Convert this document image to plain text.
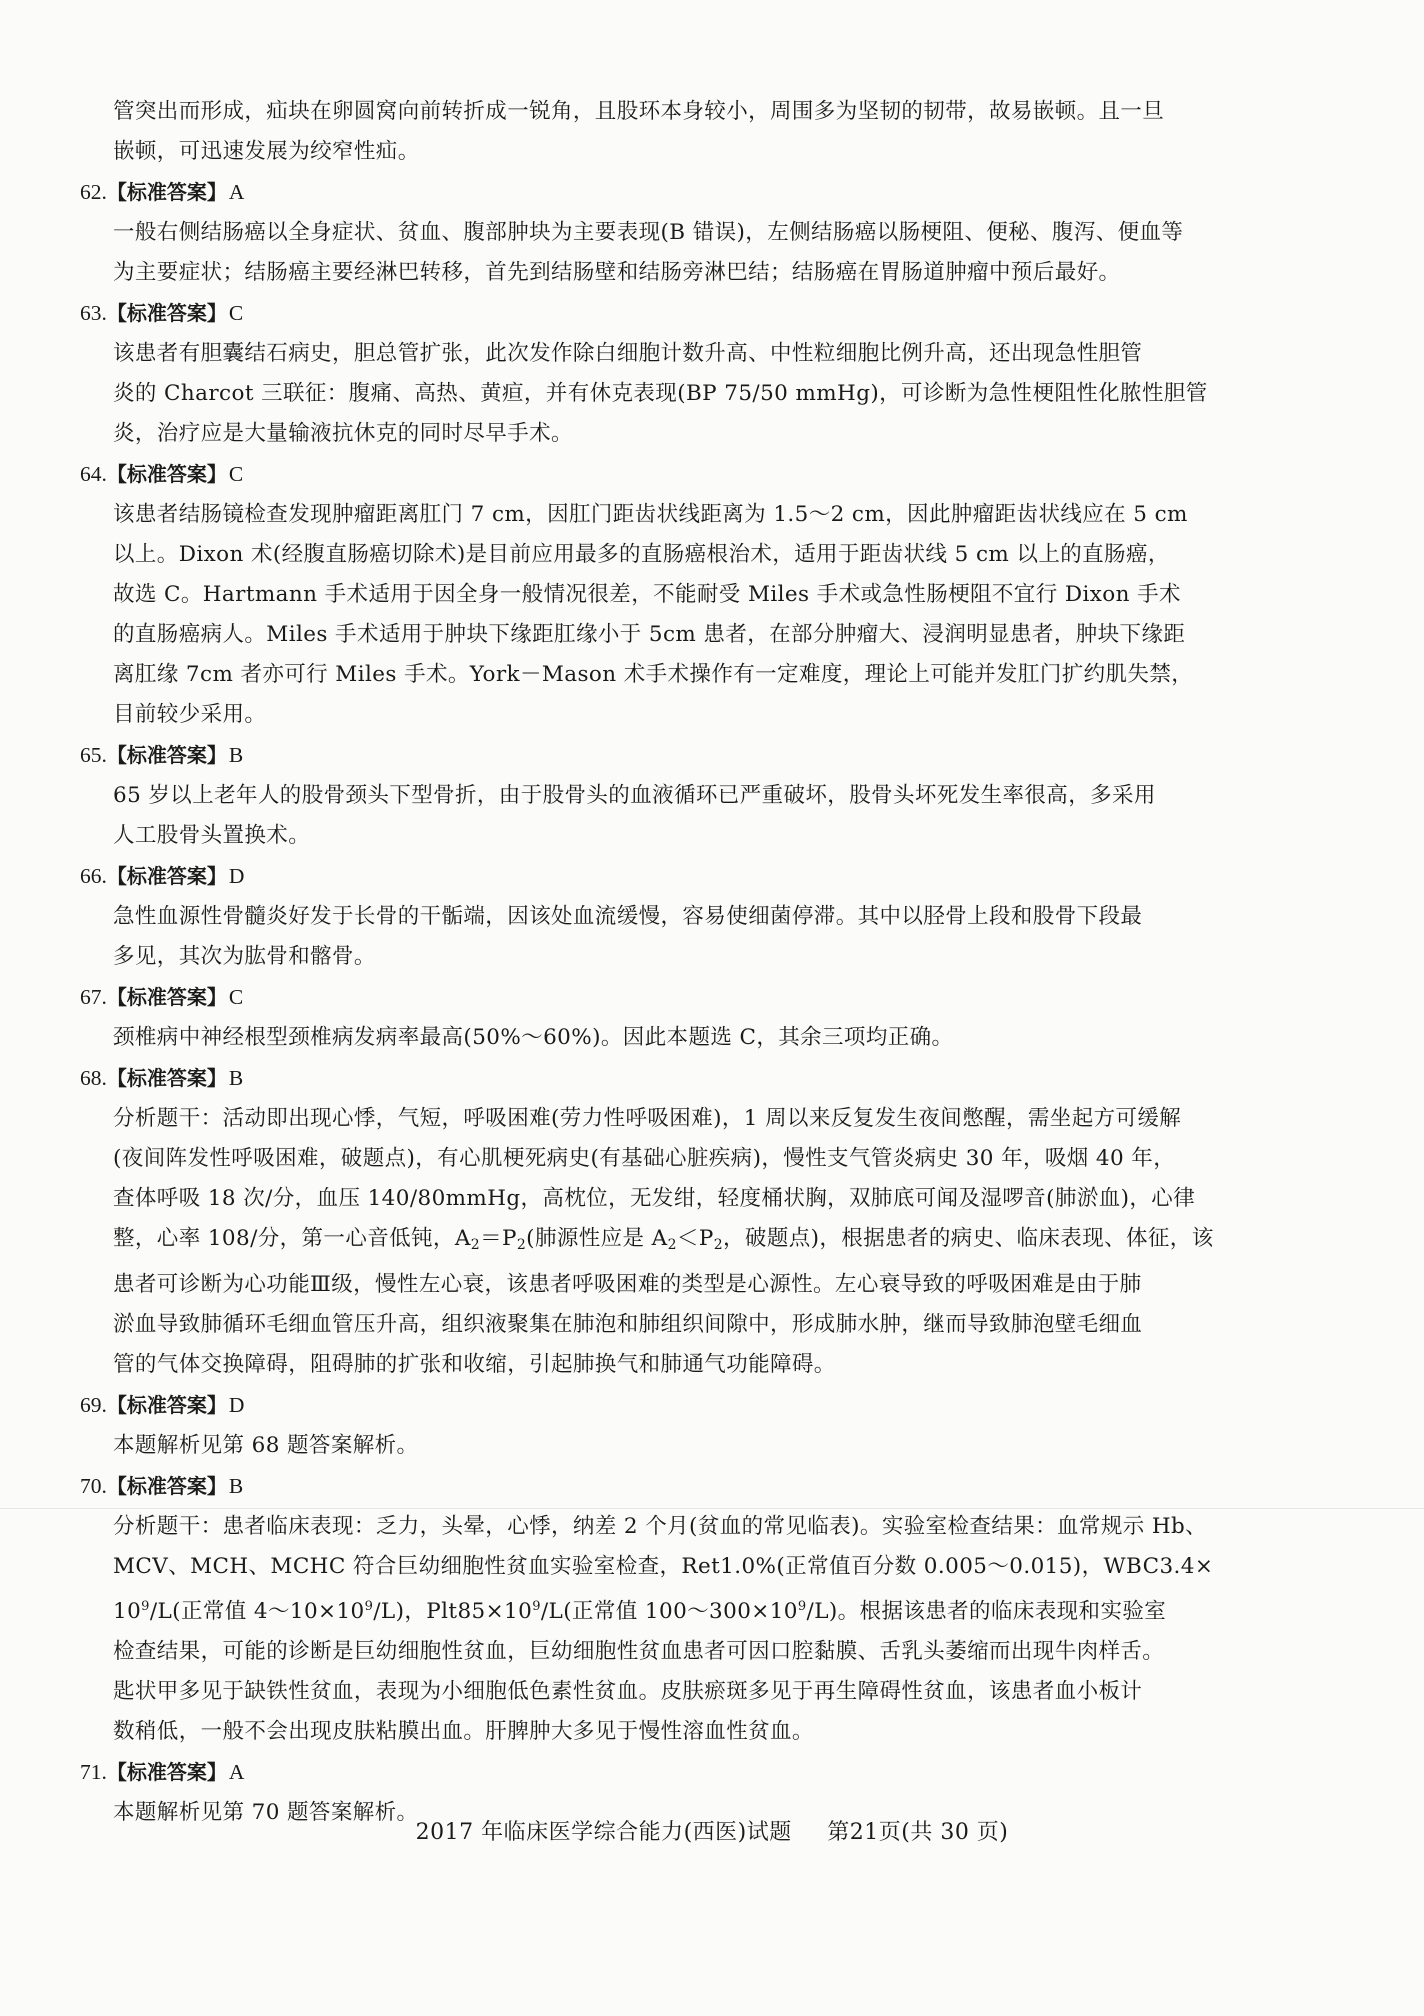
管突出而形成，疝块在卵圆窝向前转折成一锐角，且股环本身较小，周围多为坚韧的韧带，故易嵌顿。且一旦
嵌顿，可迅速发展为绞窄性疝。
62.【标准答案】A
一般右侧结肠癌以全身症状、贫血、腹部肿块为主要表现(B 错误)，左侧结肠癌以肠梗阻、便秘、腹泻、便血等
为主要症状；结肠癌主要经淋巴转移，首先到结肠壁和结肠旁淋巴结；结肠癌在胃肠道肿瘤中预后最好。
63.【标准答案】C
该患者有胆囊结石病史，胆总管扩张，此次发作除白细胞计数升高、中性粒细胞比例升高，还出现急性胆管
炎的 Charcot 三联征：腹痛、高热、黄疸，并有休克表现(BP 75/50 mmHg)，可诊断为急性梗阻性化脓性胆管
炎，治疗应是大量输液抗休克的同时尽早手术。
64.【标准答案】C
该患者结肠镜检查发现肿瘤距离肛门 7 cm，因肛门距齿状线距离为 1.5～2 cm，因此肿瘤距齿状线应在 5 cm
以上。Dixon 术(经腹直肠癌切除术)是目前应用最多的直肠癌根治术，适用于距齿状线 5 cm 以上的直肠癌，
故选 C。Hartmann 手术适用于因全身一般情况很差，不能耐受 Miles 手术或急性肠梗阻不宜行 Dixon 手术
的直肠癌病人。Miles 手术适用于肿块下缘距肛缘小于 5cm 患者，在部分肿瘤大、浸润明显患者，肿块下缘距
离肛缘 7cm 者亦可行 Miles 手术。York－Mason 术手术操作有一定难度，理论上可能并发肛门扩约肌失禁，
目前较少采用。
65.【标准答案】B
65 岁以上老年人的股骨颈头下型骨折，由于股骨头的血液循环已严重破坏，股骨头坏死发生率很高，多采用
人工股骨头置换术。
66.【标准答案】D
急性血源性骨髓炎好发于长骨的干骺端，因该处血流缓慢，容易使细菌停滞。其中以胫骨上段和股骨下段最
多见，其次为肱骨和髂骨。
67.【标准答案】C
颈椎病中神经根型颈椎病发病率最高(50%～60%)。因此本题选 C，其余三项均正确。
68.【标准答案】B
分析题干：活动即出现心悸，气短，呼吸困难(劳力性呼吸困难)，1 周以来反复发生夜间憋醒，需坐起方可缓解
(夜间阵发性呼吸困难，破题点)，有心肌梗死病史(有基础心脏疾病)，慢性支气管炎病史 30 年，吸烟 40 年，
查体呼吸 18 次/分，血压 140/80mmHg，高枕位，无发绀，轻度桶状胸，双肺底可闻及湿啰音(肺淤血)，心律
整，心率 108/分，第一心音低钝，$A_2=P_2$(肺源性应是 $A_2<P_2$，破题点)，根据患者的病史、临床表现、体征，该
患者可诊断为心功能Ⅲ级，慢性左心衰，该患者呼吸困难的类型是心源性。左心衰导致的呼吸困难是由于肺
淤血导致肺循环毛细血管压升高，组织液聚集在肺泡和肺组织间隙中，形成肺水肿，继而导致肺泡壁毛细血
管的气体交换障碍，阻碍肺的扩张和收缩，引起肺换气和肺通气功能障碍。
69.【标准答案】D
本题解析见第 68 题答案解析。
70.【标准答案】B
分析题干：患者临床表现：乏力，头晕，心悸，纳差 2 个月(贫血的常见临表)。实验室检查结果：血常规示 Hb、
MCV、MCH、MCHC 符合巨幼细胞性贫血实验室检查，Ret1.0%(正常值百分数 0.005～0.015)，WBC3.4×
$10^9/L$(正常值 $4\sim 10\times 10^9/L$)，$Plt85\times 10^9/L$(正常值 $100\sim 300\times 10^9/L$)。根据该患者的临床表现和实验室
检查结果，可能的诊断是巨幼细胞性贫血，巨幼细胞性贫血患者可因口腔黏膜、舌乳头萎缩而出现牛肉样舌。
匙状甲多见于缺铁性贫血，表现为小细胞低色素性贫血。皮肤瘀斑多见于再生障碍性贫血，该患者血小板计
数稍低，一般不会出现皮肤粘膜出血。肝脾肿大多见于慢性溶血性贫血。
71.【标准答案】A
本题解析见第 70 题答案解析。
2017 年临床医学综合能力(西医)试题 第21页(共 30 页)
